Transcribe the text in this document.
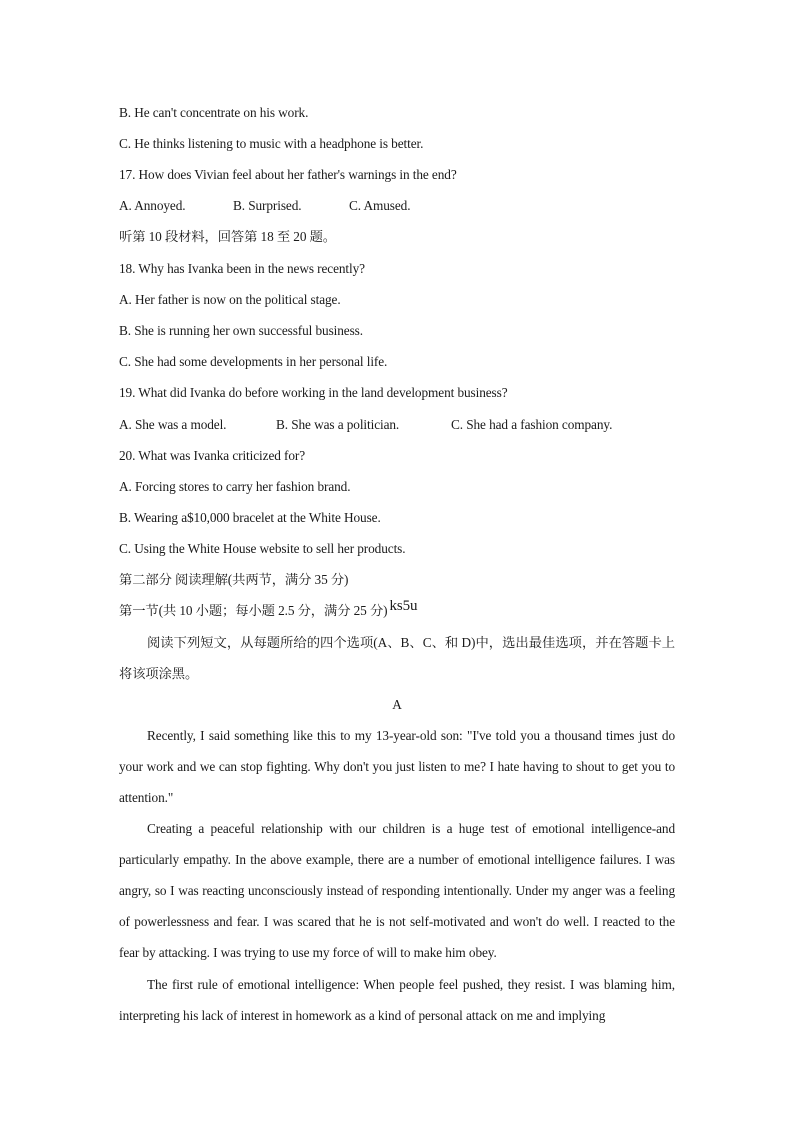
B. He can't concentrate on his work.
C. He thinks listening to music with a headphone is better.
17. How does Vivian feel about her father's warnings in the end?
A. Annoyed.	B. Surprised.	C. Amused.
听第 10 段材料，回答第 18 至 20 题。
18. Why has Ivanka been in the news recently?
A. Her father is now on the political stage.
B. She is running her own successful business.
C. She had some developments in her personal life.
19. What did Ivanka do before working in the land development business?
A. She was a model.	B. She was a politician.	C. She had a fashion company.
20. What was Ivanka criticized for?
A. Forcing stores to carry her fashion brand.
B. Wearing a$10,000 bracelet at the White House.
C. Using the White House website to sell her products.
第二部分 阅读理解(共两节，满分 35 分)
第一节(共 10 小题；每小题 2.5 分，满分 25 分) ks5u
阅读下列短文，从每题所给的四个选项(A、B、C、和 D)中，选出最佳选项，并在答题卡上将该项涂黑。
A
Recently, I said something like this to my 13-year-old son: "I've told you a thousand times just do your work and we can stop fighting. Why don't you just listen to me? I hate having to shout to get you to attention."
Creating a peaceful relationship with our children is a huge test of emotional intelligence-and particularly empathy. In the above example, there are a number of emotional intelligence failures. I was angry, so I was reacting unconsciously instead of responding intentionally. Under my anger was a feeling of powerlessness and fear. I was scared that he is not self-motivated and won't do well. I reacted to the fear by attacking. I was trying to use my force of will to make him obey.
The first rule of emotional intelligence: When people feel pushed, they resist. I was blaming him, interpreting his lack of interest in homework as a kind of personal attack on me and implying
